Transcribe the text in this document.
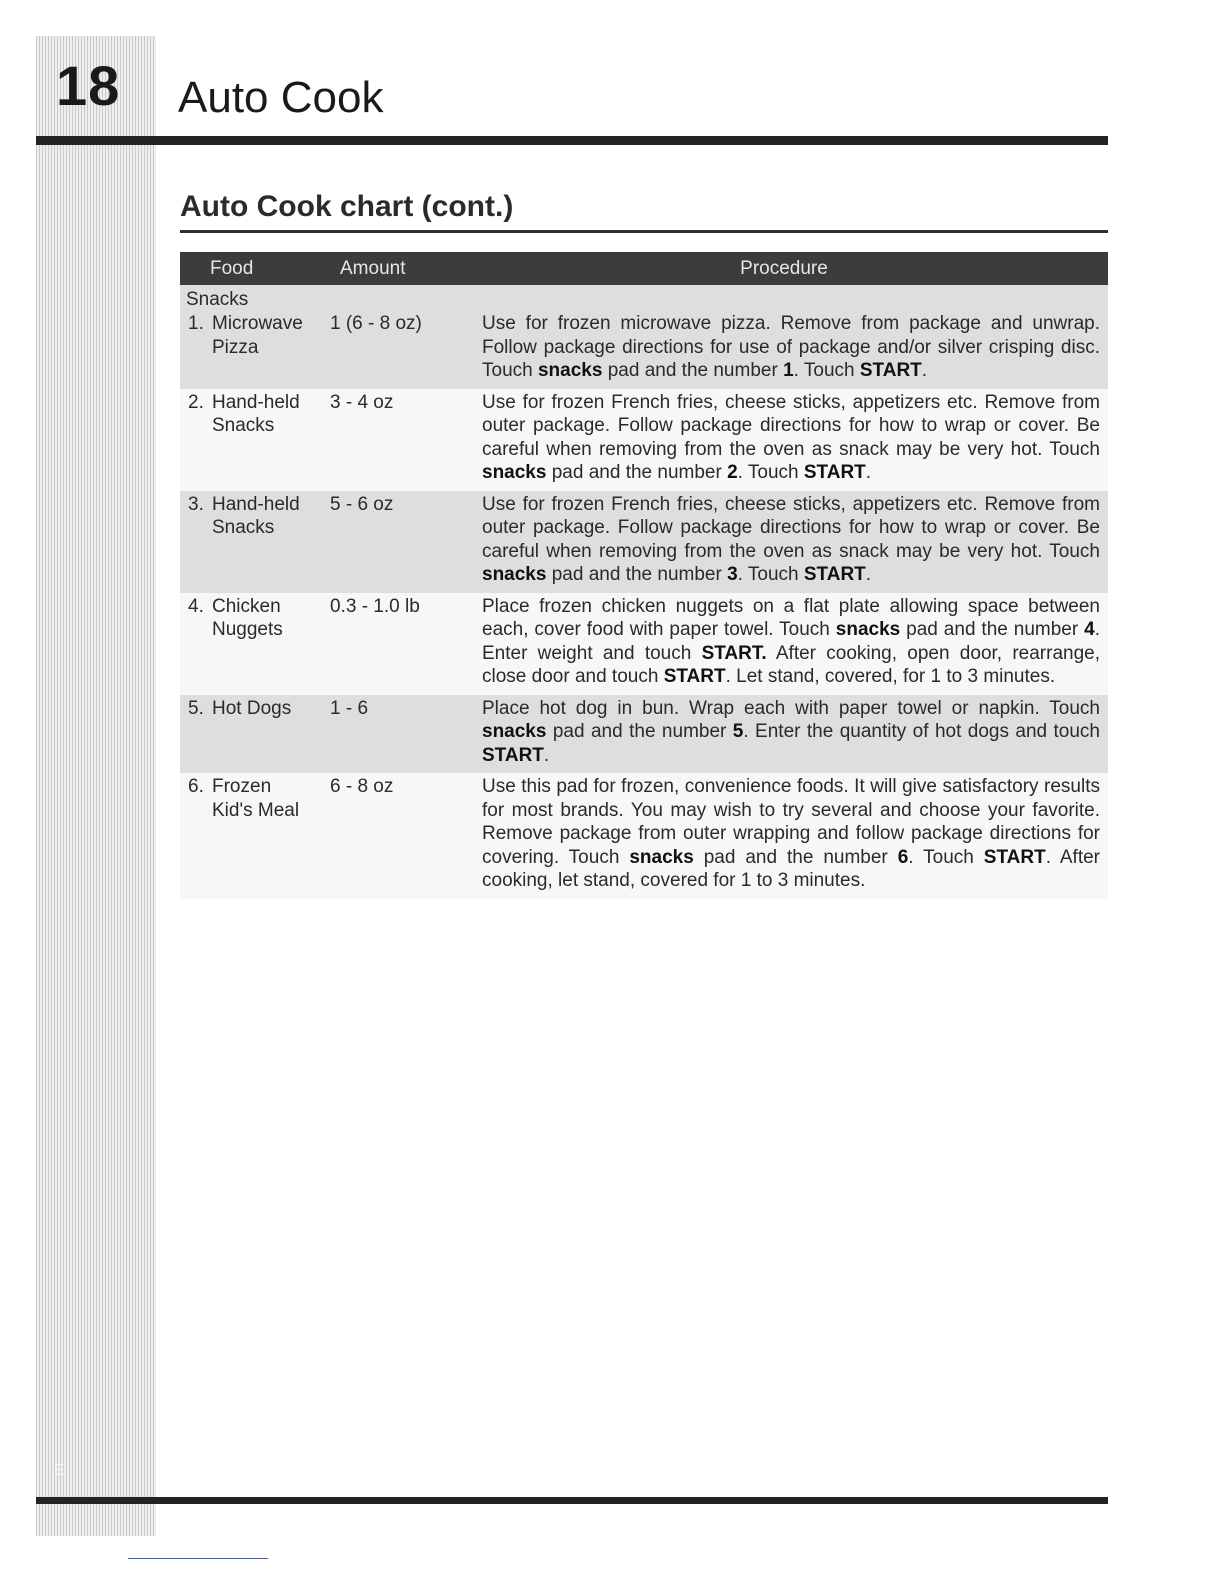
E
18 Auto Cook
Auto Cook chart (cont.)
Food	Amount	Procedure
Snacks
1. Microwave
Pizza
1 (6 - 8 oz)	Use for frozen microwave pizza. Remove from package and unwrap. Follow package directions for use of package and/or silver crisping disc. Touch snacks pad and the number 1. Touch START.
2. Hand-held
Snacks
3 - 4 oz	Use for frozen French fries, cheese sticks, appetizers etc. Remove from outer package. Follow package directions for how to wrap or cover. Be careful when removing from the oven as snack may be very hot. Touch snacks pad and the number 2. Touch START.
3. Hand-held
Snacks
5 - 6 oz	Use for frozen French fries, cheese sticks, appetizers etc. Remove from outer package. Follow package directions for how to wrap or cover. Be careful when removing from the oven as snack may be very hot. Touch snacks pad and the number 3. Touch START.
4. Chicken
Nuggets
0.3 - 1.0 lb	Place frozen chicken nuggets on a flat plate allowing space between each, cover food with paper towel. Touch snacks pad and the number 4. Enter weight and touch START. After cooking, open door, rearrange, close door and touch START. Let stand, covered, for 1 to 3 minutes.
5. Hot Dogs	1 - 6	Place hot dog in bun. Wrap each with paper towel or napkin. Touch snacks pad and the number 5. Enter the quantity of hot dogs and touch START.
6. Frozen
Kid's Meal
6 - 8 oz	Use this pad for frozen, convenience foods. It will give satisfactory results for most brands. You may wish to try several and choose your favorite. Remove package from outer wrapping and follow package directions for covering. Touch snacks pad and the number 6. Touch START. After cooking, let stand, covered for 1 to 3 minutes.
